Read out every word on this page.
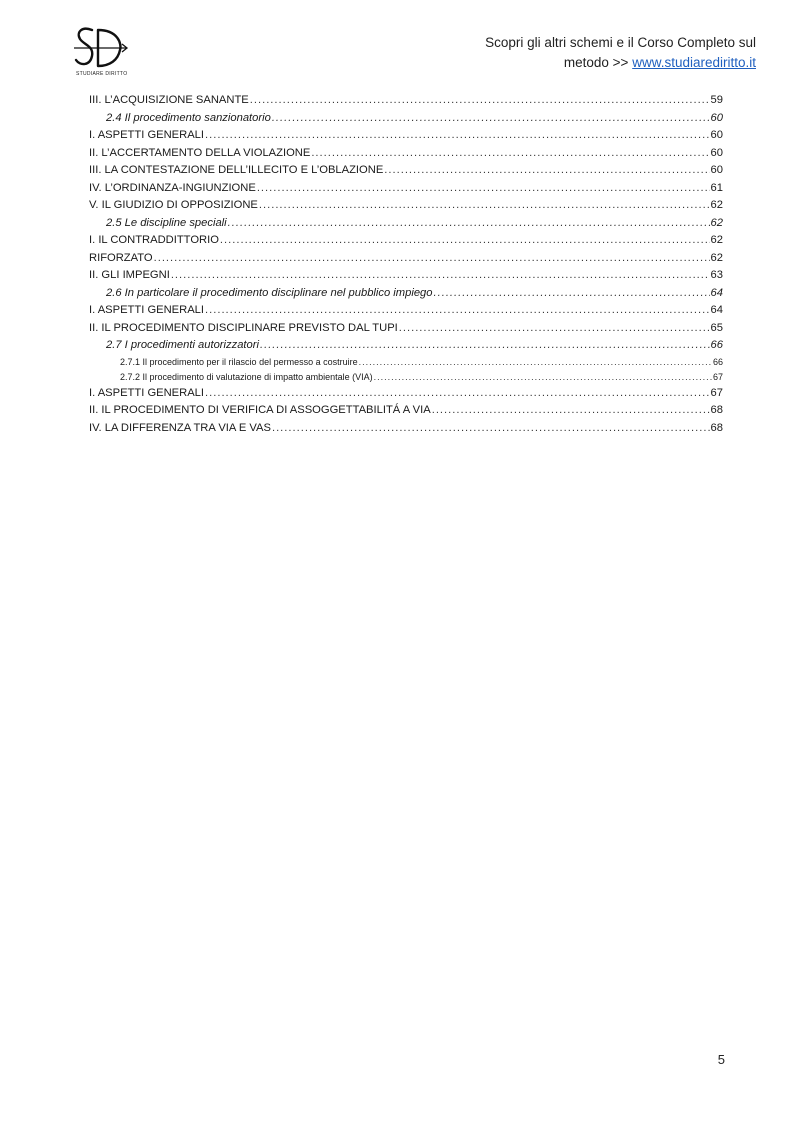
STUDIARE DIRITTO
Scopri gli altri schemi e il Corso Completo sul
metodo >> www.studiarediritto.it
III. L’ACQUISIZIONE SANANTE .....	59
2.4 Il procedimento sanzionatorio .....	60
I. ASPETTI GENERALI .....	60
II. L’ACCERTAMENTO DELLA VIOLAZIONE .....	60
III. LA CONTESTAZIONE DELL’ILLECITO E L’OBLAZIONE .....	60
IV. L’ORDINANZA-INGIUNZIONE .....	61
V. IL GIUDIZIO DI OPPOSIZIONE .....	62
2.5 Le discipline speciali .....	62
I. IL CONTRADDITTORIO .....	62
RIFORZATO .....	62
II. GLI IMPEGNI .....	63
2.6 In particolare il procedimento disciplinare nel pubblico impiego .....	64
I. ASPETTI GENERALI .....	64
II. IL PROCEDIMENTO DISCIPLINARE PREVISTO DAL TUPI .....	65
2.7 I procedimenti autorizzatori .....	66
2.7.1 Il procedimento per il rilascio del permesso a costruire .....	66
2.7.2 Il procedimento di valutazione di impatto ambientale (VIA) .....	67
I. ASPETTI GENERALI .....	67
II. IL PROCEDIMENTO DI VERIFICA DI ASSOGGETTABILITÁ A VIA .....	68
IV. LA DIFFERENZA TRA VIA E VAS .....	68
5
